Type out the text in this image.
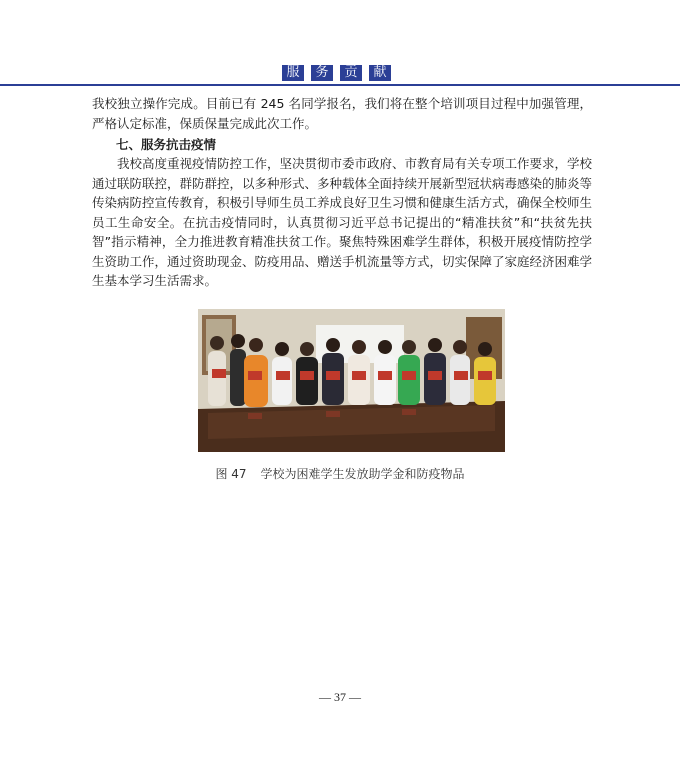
服	务	贡	献

我校独立操作完成。目前已有 245 名同学报名，我们将在整个培训项目过程中加强管理，严格认定标准，保质保量完成此次工作。

七、服务抗击疫情

我校高度重视疫情防控工作，坚决贯彻市委市政府、市教育局有关专项工作要求，学校通过联防联控，群防群控，以多种形式、多种载体全面持续开展新型冠状病毒感染的肺炎等传染病防控宣传教育，积极引导师生员工养成良好卫生习惯和健康生活方式，确保全校师生员工生命安全。在抗击疫情同时，认真贯彻习近平总书记提出的“精准扶贫”和“扶贫先扶智”指示精神，全力推进教育精准扶贫工作。聚焦特殊困难学生群体，积极开展疫情防控学生资助工作，通过资助现金、防疫用品、赠送手机流量等方式，切实保障了家庭经济困难学生基本学习生活需求。

图 47 学校为困难学生发放助学金和防疫物品
— 37 —
